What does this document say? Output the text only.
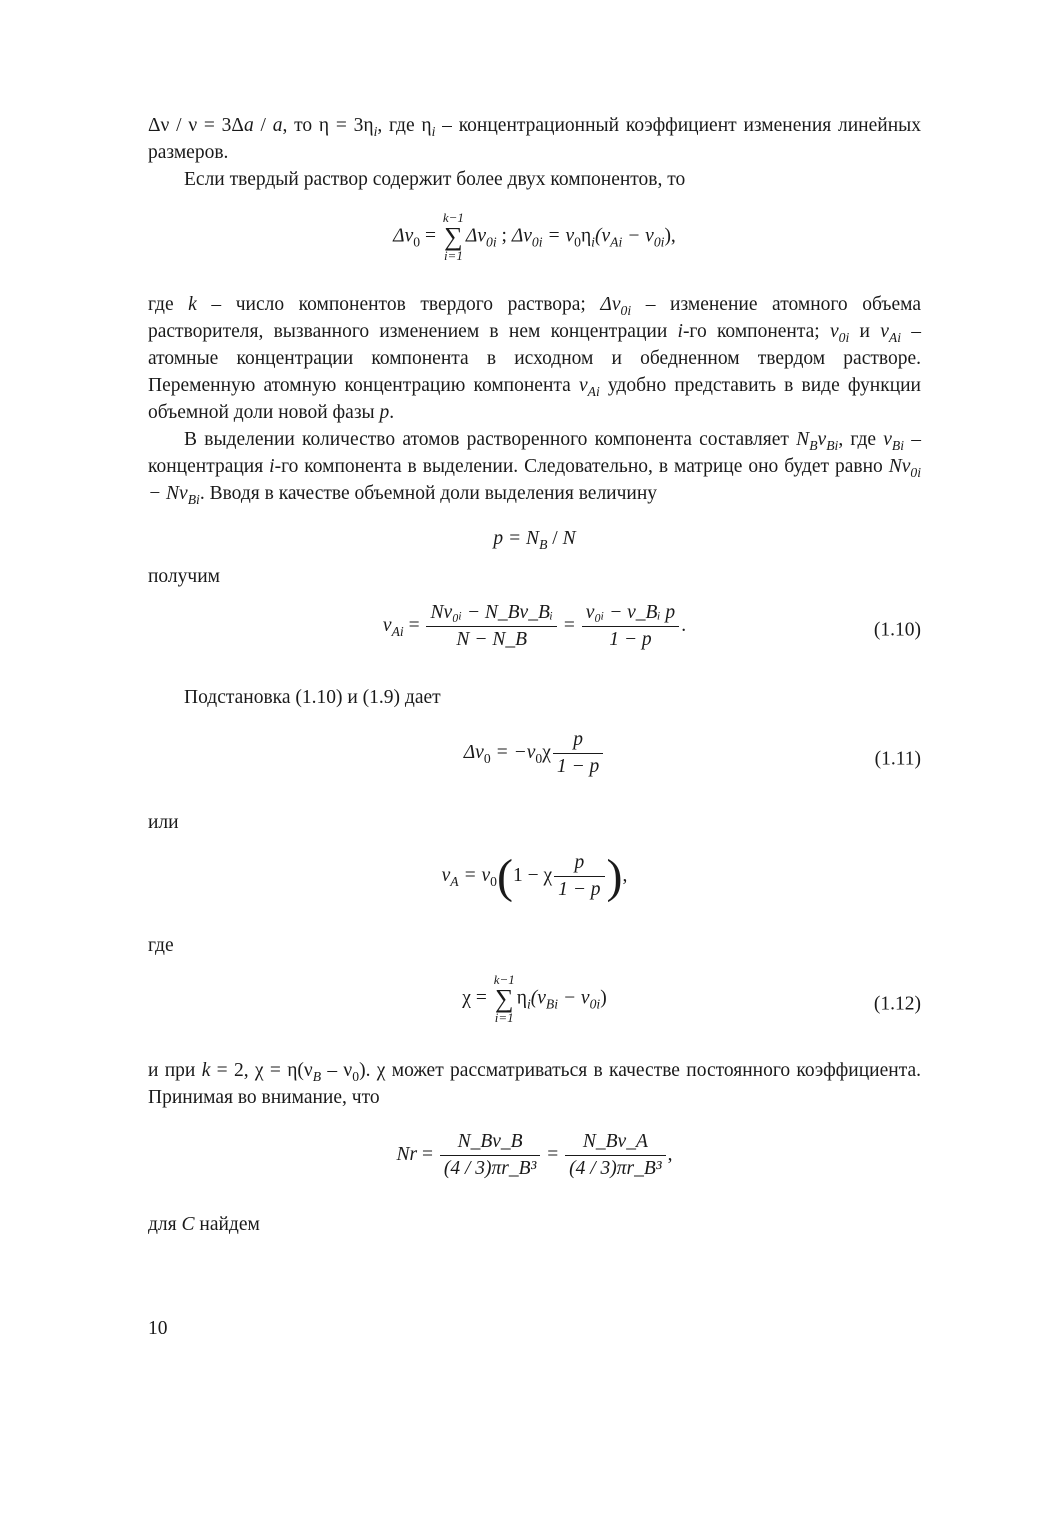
Δν / ν = 3Δa / a, то $\eta = 3\eta_i$, где $\eta_i$ – концентрационный коэффициент изменения линейных размеров.

Если твердый раствор содержит более двух компонентов, то

$\Delta\nu_0$ =
k−1
∑
i=1
$\Delta\nu_{0i}$ ; $\Delta\nu_{0i} = \nu_0\eta_i(\nu_{Ai} - \nu_{0i})$,

где k – число компонентов твердого раствора; $\Delta\nu_{0i}$ – изменение атомного объема растворителя, вызванного изменением в нем концентрации i-го компонента; $\nu_{0i}$ и $\nu_{Ai}$ – атомные концентрации компонента в исходном и обедненном твердом растворе. Переменную атомную концентрацию компонента $\nu_{Ai}$ удобно представить в виде функции объемной доли новой фазы p.

В выделении количество атомов растворенного компонента составляет $N_B\nu_{Bi}$, где $\nu_{Bi}$ – концентрация i-го компонента в выделении. Следовательно, в матрице оно будет равно $N\nu_{0i} - N\nu_{Bi}$. Вводя в качестве объемной доли выделения величину

$p = N_B / N$

получим

$\nu_{Ai} = \frac{\text{Nν₀ᵢ − N\_Bν\_Bᵢ}}{N - N\_B} = \frac{\text{ν₀ᵢ − ν\_Bᵢ p}}{1 - p}$ .	(1.10)

Подстановка (1.10) и (1.9) дает

$\Delta\nu_0 = -\nu_0\chi \frac{p}{1 - p}$	(1.11)

или

$\nu_A = \nu_0(1 - \chi \frac{p}{1 - p}$ ),

где

χ =
k−1
∑
i=1
$\eta_i(\nu_{Bi} - \nu_{0i})$	(1.12)

и при k = 2, $\chi = \eta(\nu_B - \nu_0)$. χ может рассматриваться в качестве постоянного коэффициента. Принимая во внимание, что

$Nr = \frac{N\_B\nu\_B}{\text{(4 / 3)πr\_B³}} = \frac{N\_B\nu\_A}{\text{(4 / 3)πr\_B³}}$ ,

для C найдем

10
